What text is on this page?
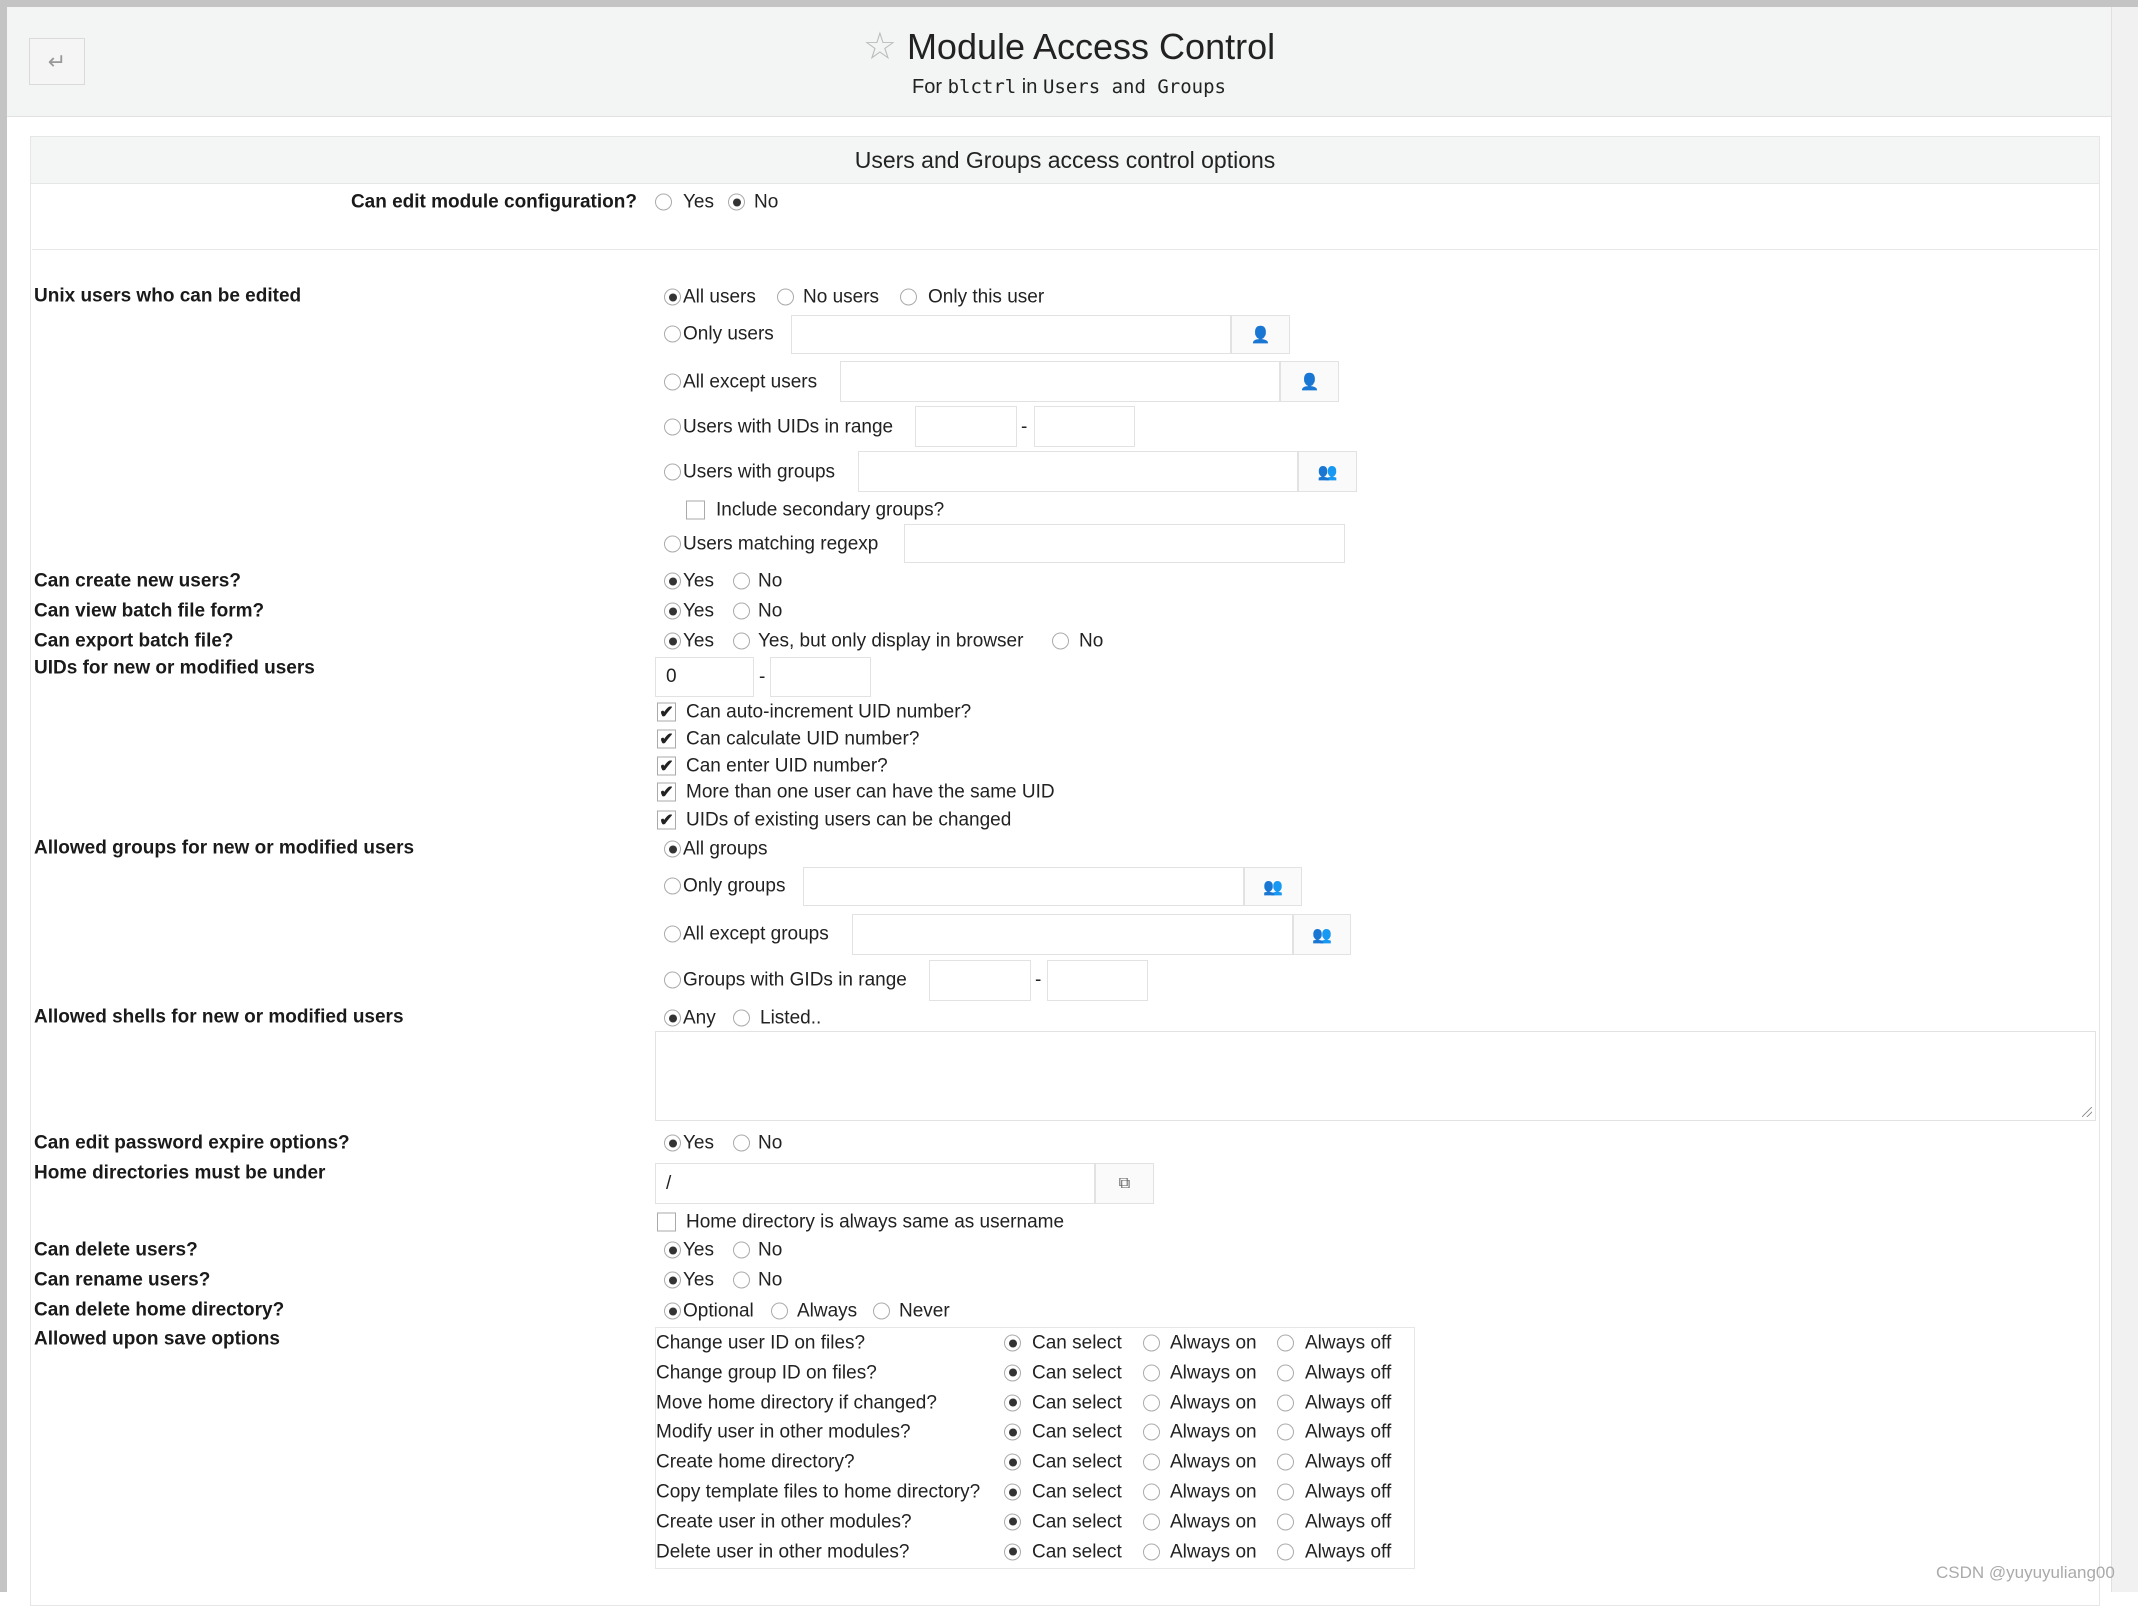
↵	☆ Module Access Control
For blctrl in Users and Groups
Users and Groups access control options
Can edit module configuration? Yes No
Unix users who can be edited	All users No users	Only this user
Only users	👤
All except users	👤
Users with UIDs in range	-
Users with groups	👥
Include secondary groups?
Users matching regexp
Can create new users?	Yes No
Can view batch file form?	Yes No
Can export batch file?	Yes Yes, but only display in browser	No
UIDs for new or modified users	0	-
✔ Can auto-increment UID number?
✔ Can calculate UID number?
✔ Can enter UID number?
✔ More than one user can have the same UID
✔ UIDs of existing users can be changed
Allowed groups for new or modified users	All groups
Only groups	👥
All except groups	👥
Groups with GIDs in range	-
Allowed shells for new or modified users	Any Listed..
Can edit password expire options?	Yes No
Home directories must be under	/	⧉
Home directory is always same as username
Can delete users?	Yes No
Can rename users?	Yes No
Can delete home directory?	Optional Always Never
Allowed upon save options	Change user ID on files?	Can select	Always on	Always off
Change group ID on files?	Can select	Always on	Always off
Move home directory if changed?	Can select	Always on	Always off
Modify user in other modules?	Can select	Always on	Always off
Create home directory?	Can select	Always on	Always off
Copy template files to home directory?	Can select	Always on	Always off
Create user in other modules?	Can select	Always on	Always off
Delete user in other modules?	Can select	Always on	Always off
CSDN @yuyuyuliang00
